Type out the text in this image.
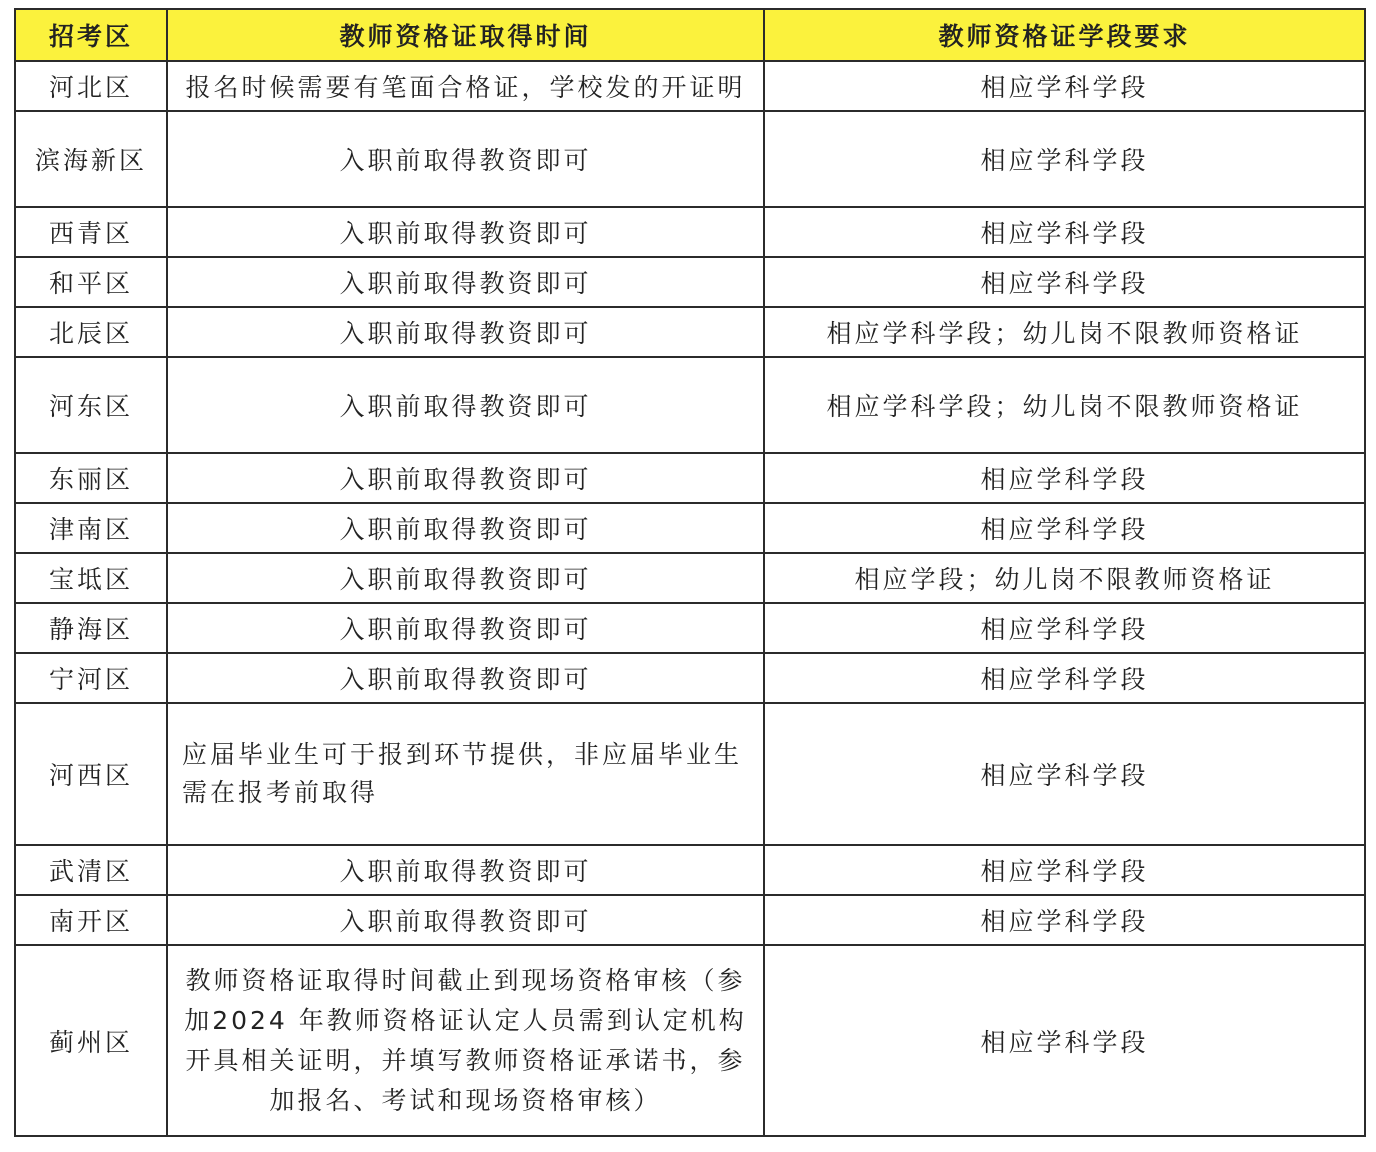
招考区	教师资格证取得时间	教师资格证学段要求
河北区	报名时候需要有笔面合格证，学校发的开证明	相应学科学段
滨海新区	入职前取得教资即可	相应学科学段
西青区	入职前取得教资即可	相应学科学段
和平区	入职前取得教资即可	相应学科学段
北辰区	入职前取得教资即可	相应学科学段；幼儿岗不限教师资格证
河东区	入职前取得教资即可	相应学科学段；幼儿岗不限教师资格证
东丽区	入职前取得教资即可	相应学科学段
津南区	入职前取得教资即可	相应学科学段
宝坻区	入职前取得教资即可	相应学段；幼儿岗不限教师资格证
静海区	入职前取得教资即可	相应学科学段
宁河区	入职前取得教资即可	相应学科学段
河西区	应届毕业生可于报到环节提供，非应届毕业生需在报考前取得	相应学科学段
武清区	入职前取得教资即可	相应学科学段
南开区	入职前取得教资即可	相应学科学段
蓟州区	教师资格证取得时间截止到现场资格审核（参加2024 年教师资格证认定人员需到认定机构开具相关证明，并填写教师资格证承诺书，参加报名、考试和现场资格审核）	相应学科学段
